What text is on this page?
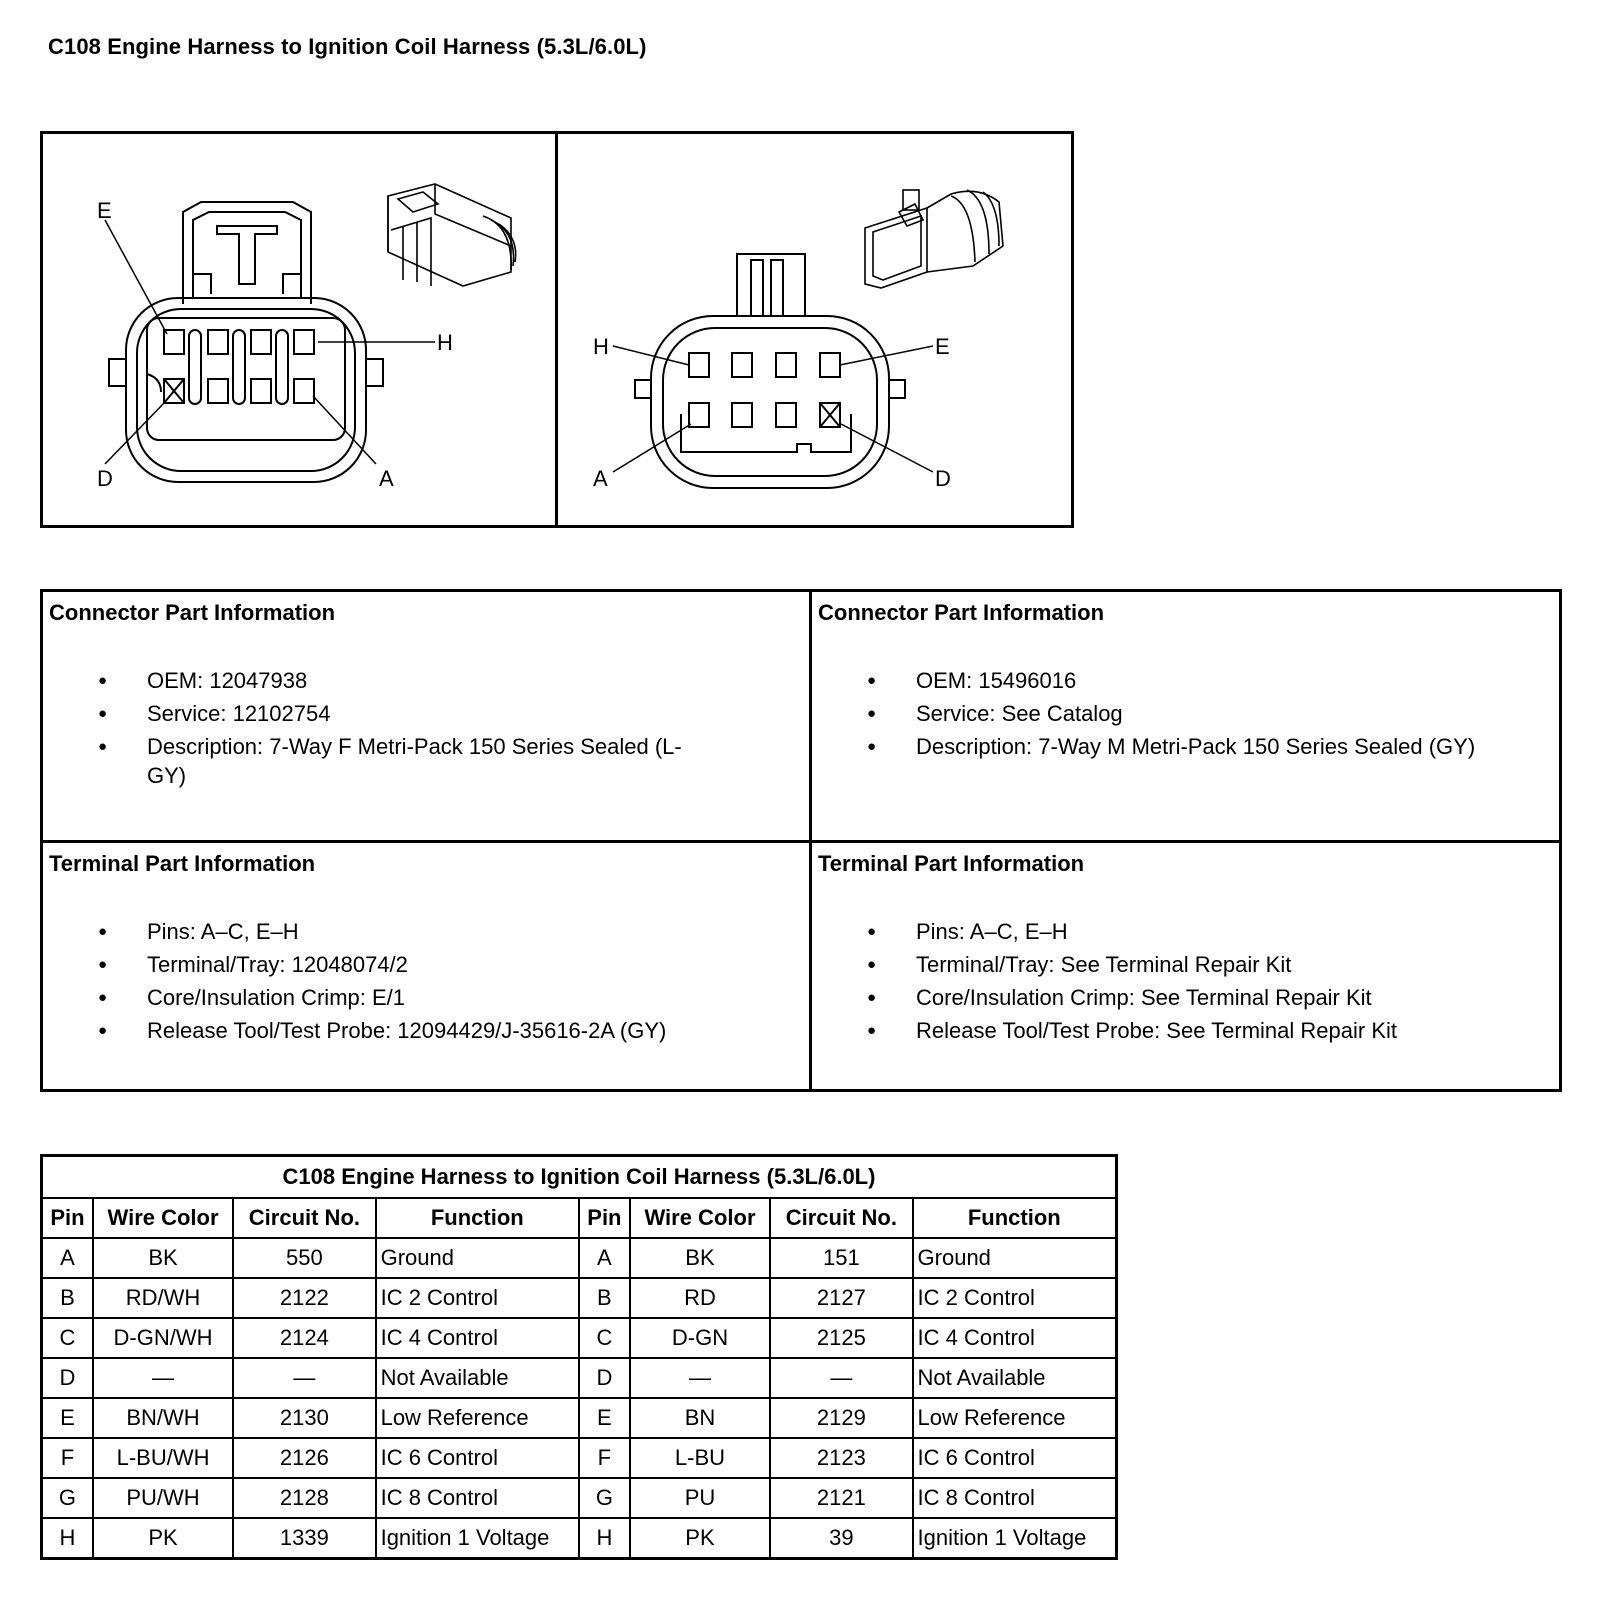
C108 Engine Harness to Ignition Coil Harness (5.3L/6.0L)
E
H
D	A
H	E
A	D
Connector Part Information
● OEM: 12047938
● Service: 12102754
● Description: 7-Way F Metri-Pack 150 Series Sealed (L-GY)
Connector Part Information
● OEM: 15496016
● Service: See Catalog
● Description: 7-Way M Metri-Pack 150 Series Sealed (GY)
Terminal Part Information
● Pins: A–C, E–H
● Terminal/Tray: 12048074/2
● Core/Insulation Crimp: E/1
● Release Tool/Test Probe: 12094429/J-35616-2A (GY)
Terminal Part Information
● Pins: A–C, E–H
● Terminal/Tray: See Terminal Repair Kit
● Core/Insulation Crimp: See Terminal Repair Kit
● Release Tool/Test Probe: See Terminal Repair Kit
C108 Engine Harness to Ignition Coil Harness (5.3L/6.0L)							
Pin	Wire Color	Circuit No.	Function	Pin	Wire Color	Circuit No.	Function
A	BK	550	Ground	A	BK	151	Ground
B	RD/WH	2122	IC 2 Control	B	RD	2127	IC 2 Control
C	D-GN/WH	2124	IC 4 Control	C	D-GN	2125	IC 4 Control
D	—	—	Not Available	D	—	—	Not Available
E	BN/WH	2130	Low Reference	E	BN	2129	Low Reference
F	L-BU/WH	2126	IC 6 Control	F	L-BU	2123	IC 6 Control
G	PU/WH	2128	IC 8 Control	G	PU	2121	IC 8 Control
H	PK	1339	Ignition 1 Voltage	H	PK	39	Ignition 1 Voltage
